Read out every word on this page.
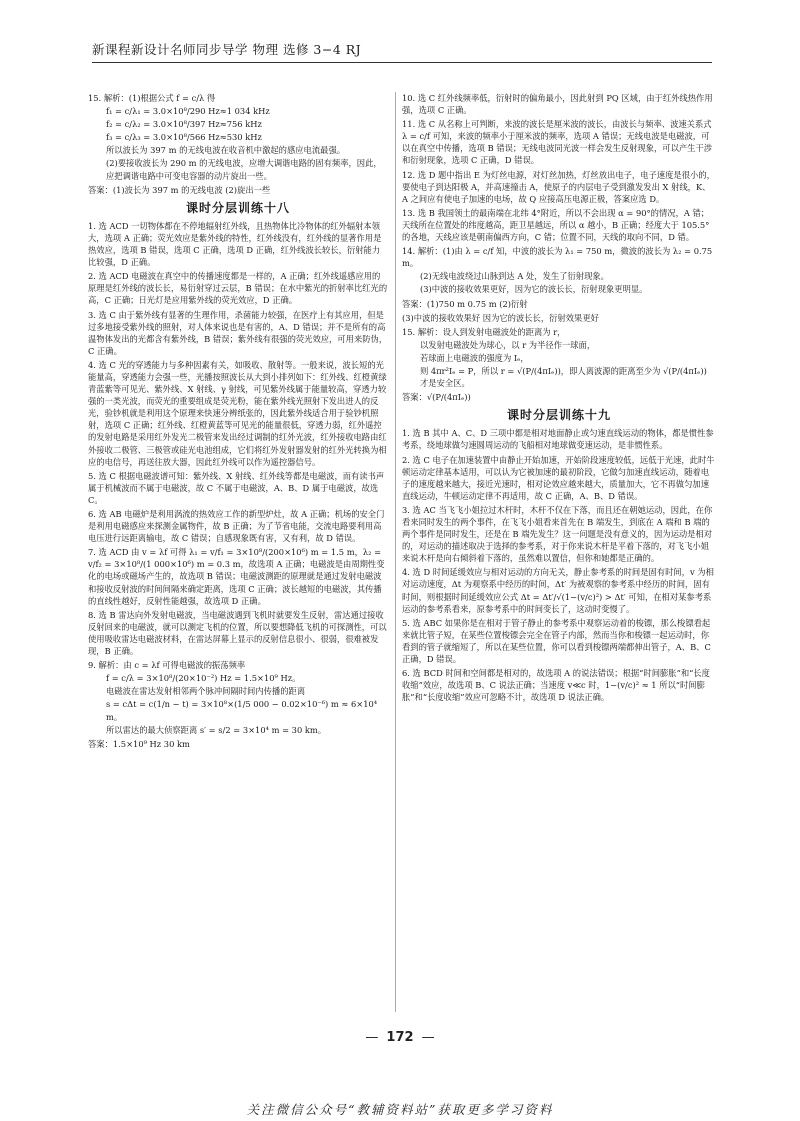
新课程新设计名师同步导学 物理 选修 3−4 RJ
15. 解析：(1)根据公式 f = c/λ 得
f₁ = c/λ₁ = 3.0×10⁸/290 Hz≈1 034 kHz
f₂ = c/λ₂ = 3.0×10⁸/397 Hz≈756 kHz
f₃ = c/λ₃ = 3.0×10⁸/566 Hz≈530 kHz
所以波长为 397 m 的无线电波在收音机中激起的感应电流最强。
(2)要接收波长为 290 m 的无线电波，应增大调谐电路的固有频率，因此，应把调谐电路中可变电容器的动片旋出一些。
答案：(1)波长为 397 m 的无线电波 (2)旋出一些
课时分层训练十八
1. 选 ACD 一切物体都在不停地辐射红外线，且热物体比冷物体的红外辐射本领大，选项 A 正确；荧光效应是紫外线的特性，红外线没有，红外线的显著作用是热效应，选项 B 错误，选项 C 正确，选项 D 正确，红外线波长较长，衍射能力比较强，D 正确。
2. 选 ACD 电磁波在真空中的传播速度都是一样的，A 正确；红外线遥感应用的原理是红外线的波长长，易衍射穿过云层，B 错误；在水中紫光的折射率比红光的高，C 正确；日光灯是应用紫外线的荧光效应，D 正确。
3. 选 C 由于紫外线有显著的生理作用，杀菌能力较强，在医疗上有其应用，但是过多地接受紫外线的照射，对人体来说也是有害的，A、D 错误；并不是所有的高温物体发出的光都含有紫外线，B 错误；紫外线有很强的荧光效应，可用来防伪，C 正确。
4. 选 C 光的穿透能力与多种因素有关，如吸收、散射等。一般来说，波长短的光能量高，穿透能力会强一些，光播按照波长从大到小排列如下：红外线、红橙黄绿青蓝紫等可见光、紫外线、X 射线、γ 射线，可见紫外线属于能量较高，穿透力较强的一类光波，而荧光的重要组成是荧光粉，能在紫外线光照射下发出进人的反光，验钞机就是利用这个原理来快速分辨纸张的，因此紫外线适合用于验钞机照射，选项 C 正确；红外线、红橙黄蓝等可见光的能量很低，穿透力弱，红外遥控的发射电路是采用红外发光二极管来发出经过调制的红外光波，红外接收电路由红外接收二极管、三极管或硅光电池组成，它们将红外发射器发射的红外光转换为相应的电信号，再送往放大器，因此红外线可以作为遥控器信号。
5. 选 C 根据电磁波谱可知：紫外线、X 射线、红外线等都是电磁波，而有读书声属于机械波而不属于电磁波，故 C 不属于电磁波，A、B、D 属于电磁波，故选 C。
6. 选 AB 电磁炉是利用涡流的热效应工作的新型炉灶，故 A 正确；机场的安全门是利用电磁感应来探测金属物件，故 B 正确；为了节省电能，交流电路要利用高电压进行远距离输电，故 C 错误；自感现象既有害，又有利，故 D 错误。
7. 选 ACD 由 v = λf 可得 λ₁ = v/f₁ = 3×10⁸/(200×10⁶) m = 1.5 m，λ₂ = v/f₂ = 3×10⁸/(1 000×10⁶) m = 0.3 m，故选项 A 正确；电磁波是由周期性变化的电场或磁场产生的，故选项 B 错误；电磁波测距的原理就是通过发射电磁波和接收反射波的时间间隔来确定距离，选项 C 正确；波长越短的电磁波，其传播的直线性越好，反射性能越强，故选项 D 正确。
8. 选 B 雷达向外发射电磁波，当电磁波遇到飞机时就要发生反射，雷达通过接收反射回来的电磁波，就可以测定飞机的位置，所以要想降低飞机的可探测性，可以使用吸收雷达电磁波材料，在雷达屏幕上显示的反射信息很小、很弱，很难被发现，B 正确。
9. 解析：由 c = λf 可得电磁波的振荡频率
f = c/λ = 3×10⁸/(20×10⁻²) Hz = 1.5×10⁹ Hz。
电磁波在雷达发射相邻两个脉冲间隔时间内传播的距离
s = cΔt = c(1/n − t) = 3×10⁸×(1/5 000 − 0.02×10⁻⁶) m ≈ 6×10⁴ m。
所以雷达的最大侦察距离 s′ = s/2 = 3×10⁴ m = 30 km。
答案：1.5×10⁹ Hz 30 km
10. 选 C 红外线频率低，衍射时的偏角最小，因此射到 PQ 区域，由于红外线热作用强，选项 C 正确。
11. 选 C 从名称上可判断，来波的波长是厘米波的波长，由波长与频率、波速关系式 λ = c/f 可知，来波的频率小于厘米波的频率，选项 A 错误；无线电波是电磁波，可以在真空中传播，选项 B 错误；无线电波同光波一样会发生反射现象，可以产生干涉和衍射现象，选项 C 正确，D 错误。
12. 选 D 题中指出 E 为灯丝电源，对灯丝加热，灯丝放出电子，电子速度是很小的，要使电子到达阳极 A，并高速撞击 A，使原子的内层电子受到激发发出 X 射线，K、A 之间应有使电子加速的电场，故 Q 应接高压电源正极，答案应选 D。
13. 选 B 我国领土的最南端在北纬 4°附近，所以不会出现 α = 90°的情况，A 错；天线所在位置处的纬度越高，距卫星越远，所以 α 越小，B 正确；经度大于 105.5°的各地，天线应该是朝南偏西方向，C 错；位置不同，天线的取向不同，D 错。
14. 解析：(1)由 λ = c/f 知，中波的波长为 λ₁ = 750 m，微波的波长为 λ₂ = 0.75 m。
(2)无线电波绕过山脉到达 A 处，发生了衍射现象。
(3)中波的接收效果更好，因为它的波长长，衍射现象更明显。
答案：(1)750 m 0.75 m (2)衍射
(3)中波的接收效果好 因为它的波长长，衍射效果更好
15. 解析：设人到发射电磁波处的距离为 r，
以发射电磁波处为球心，以 r 为半径作一球面，
若球面上电磁波的强度为 Iₑ，
则 4πr²Iₑ = P，所以 r = √(P/(4πIₑ))，即人离波源的距离至少为 √(P/(4πIₑ)) 才是安全区。
答案：√(P/(4πIₑ))
课时分层训练十九
1. 选 B 其中 A、C、D 三项中都是相对地面静止或匀速直线运动的物体，都是惯性参考系，绕地球做匀速圆周运动的飞船相对地球做变速运动，是非惯性系。
2. 选 C 电子在加速装置中由静止开始加速，开始阶段速度较低，远低于光速，此时牛顿运动定律基本适用，可以认为它被加速的最初阶段，它做匀加速直线运动，随着电子的速度越来越大，接近光速时，相对论效应越来越大，质量加大，它不再做匀加速直线运动，牛顿运动定律不再适用，故 C 正确，A、B、D 错误。
3. 选 AC 当飞飞小姐拉过木杆时，木杆不仅在下落，而且还在朝她运动，因此，在你看来同时发生的两个事件，在飞飞小姐看来首先在 B 端发生，到底在 A 端和 B 端的两个事件是同时发生，还是在 B 端先发生？这一问题是没有意义的，因为运动是相对的，对运动的描述取决于选择的参考系，对于你来说木杆是平着下落的，对飞飞小姐来说木杆是向右倾斜着下落的，虽然难以置信，但你和她都是正确的。
4. 选 D 时间延缓效应与相对运动的方向无关，静止参考系的时间是固有时间，v 为相对运动速度，Δt 为观察系中经历的时间，Δt′ 为被观察的参考系中经历的时间，固有时间，则根据时间延缓效应公式 Δt = Δt′/√(1−(v/c)²) > Δt′ 可知，在相对某参考系运动的参考系看来，原参考系中的时间变长了，这动时变慢了。
5. 选 ABC 如果你是在相对于管子静止的参考系中观察运动着的梭镖，那么梭镖看起来就比管子短，在某些位置梭镖会完全在管子内部，然而当你和梭镖一起运动时，你看到的管子就缩短了，所以在某些位置，你可以看到梭镖两端都伸出管子，A、B、C 正确，D 错误。
6. 选 BCD 时间和空间都是相对的，故选项 A 的说法错误；根据“时间膨胀”和“长度收缩”效应，故选项 B、C 说法正确；当速度 v≪c 时，1−(v/c)² ≈ 1 所以“时间膨胀”和“长度收缩”效应可忽略不计，故选项 D 说法正确。
— 172 —
关注微信公众号“教辅资料站”获取更多学习资料
